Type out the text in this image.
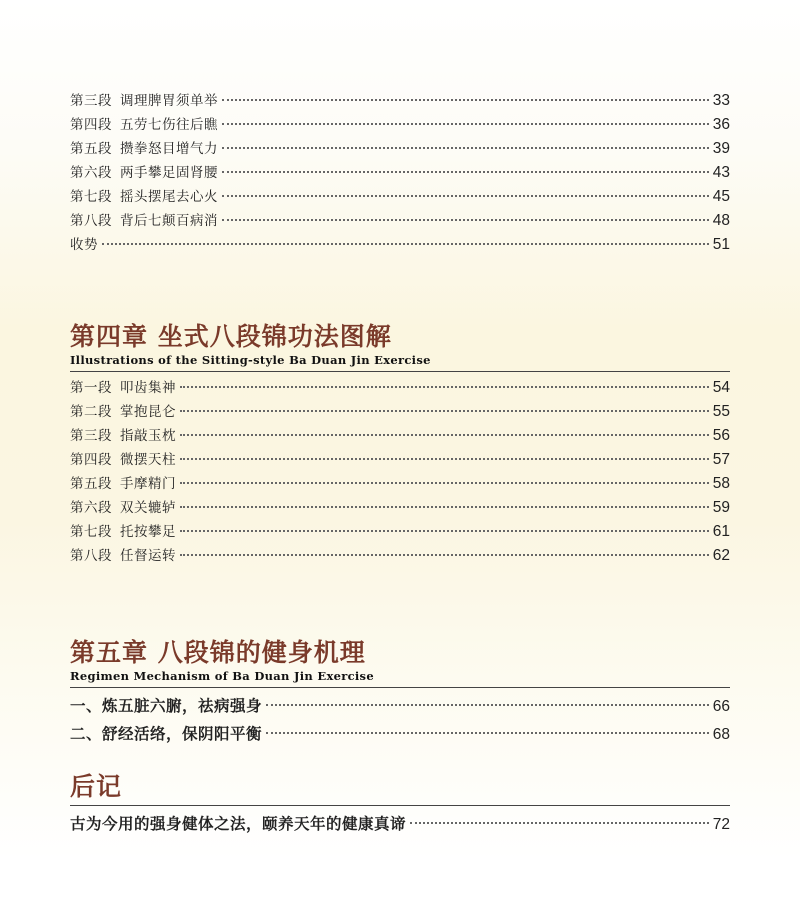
第三段 调理脾胃须单举	33
第四段 五劳七伤往后瞧	36
第五段 攒拳怒目增气力	39
第六段 两手攀足固肾腰	43
第七段 摇头摆尾去心火	45
第八段 背后七颠百病消	48
收势	51
第四章 坐式八段锦功法图解
Illustrations of the Sitting-style Ba Duan Jin Exercise
第一段 叩齿集神	54
第二段 掌抱昆仑	55
第三段 指敲玉枕	56
第四段 微摆天柱	57
第五段 手摩精门	58
第六段 双关辘轳	59
第七段 托按攀足	61
第八段 任督运转	62
第五章 八段锦的健身机理
Regimen Mechanism of Ba Duan Jin Exercise
一、炼五脏六腑，祛病强身	66
二、舒经活络，保阴阳平衡	68
后记
古为今用的强身健体之法，颐养天年的健康真谛	72
